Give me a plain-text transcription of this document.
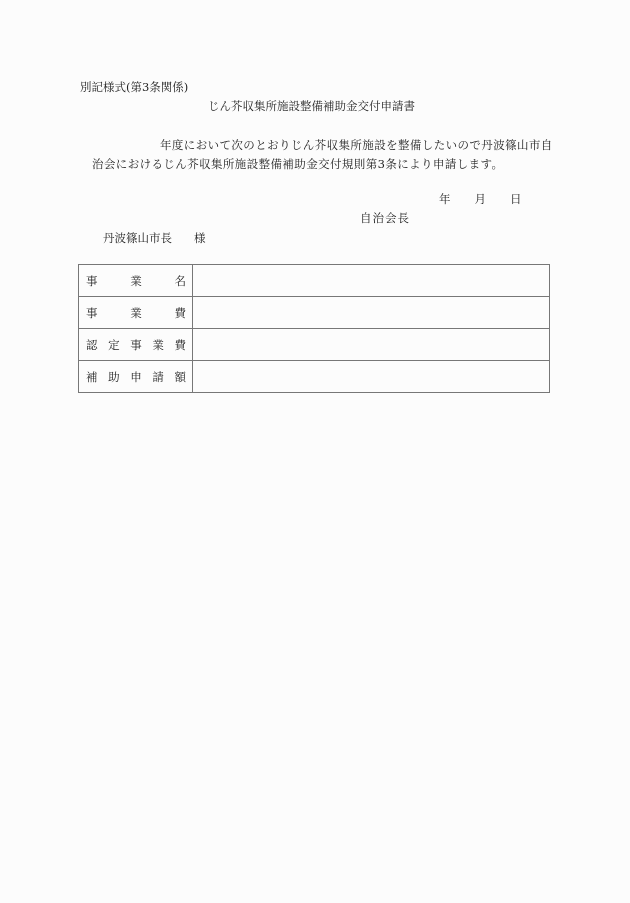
別記様式(第3条関係)
じん芥収集所施設整備補助金交付申請書
年度において次のとおりじん芥収集所施設を整備したいので丹波篠山市自
治会におけるじん芥収集所施設整備補助金交付規則第3条により申請します。
年 月 日
自治会長
丹波篠山市長 様
事 業 名	

事 業 費	

認 定 事 業 費	

補 助 申 請 額	
